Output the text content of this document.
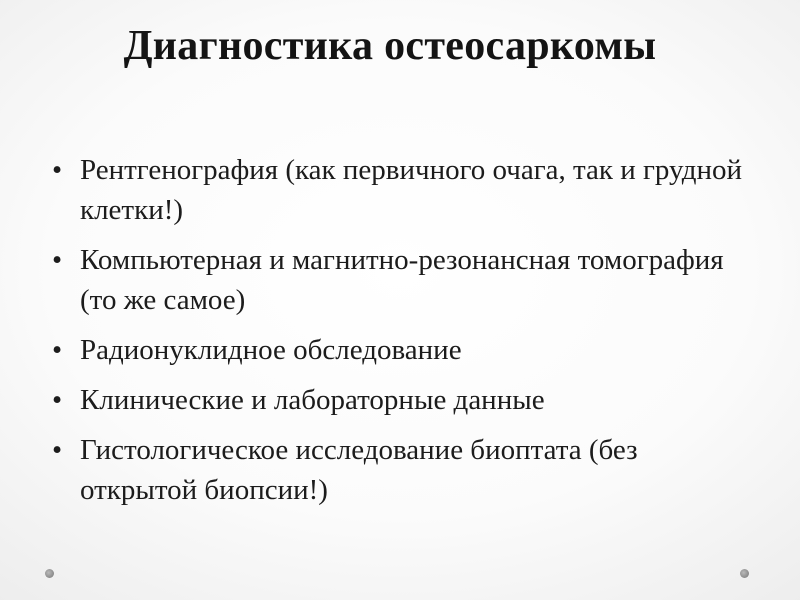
Диагностика остеосаркомы
• Рентгенография (как первичного очага, так и грудной клетки!)
• Компьютерная и магнитно-резонансная томография (то же самое)
• Радионуклидное обследование
• Клинические и лабораторные данные
• Гистологическое исследование биоптата (без открытой биопсии!)
